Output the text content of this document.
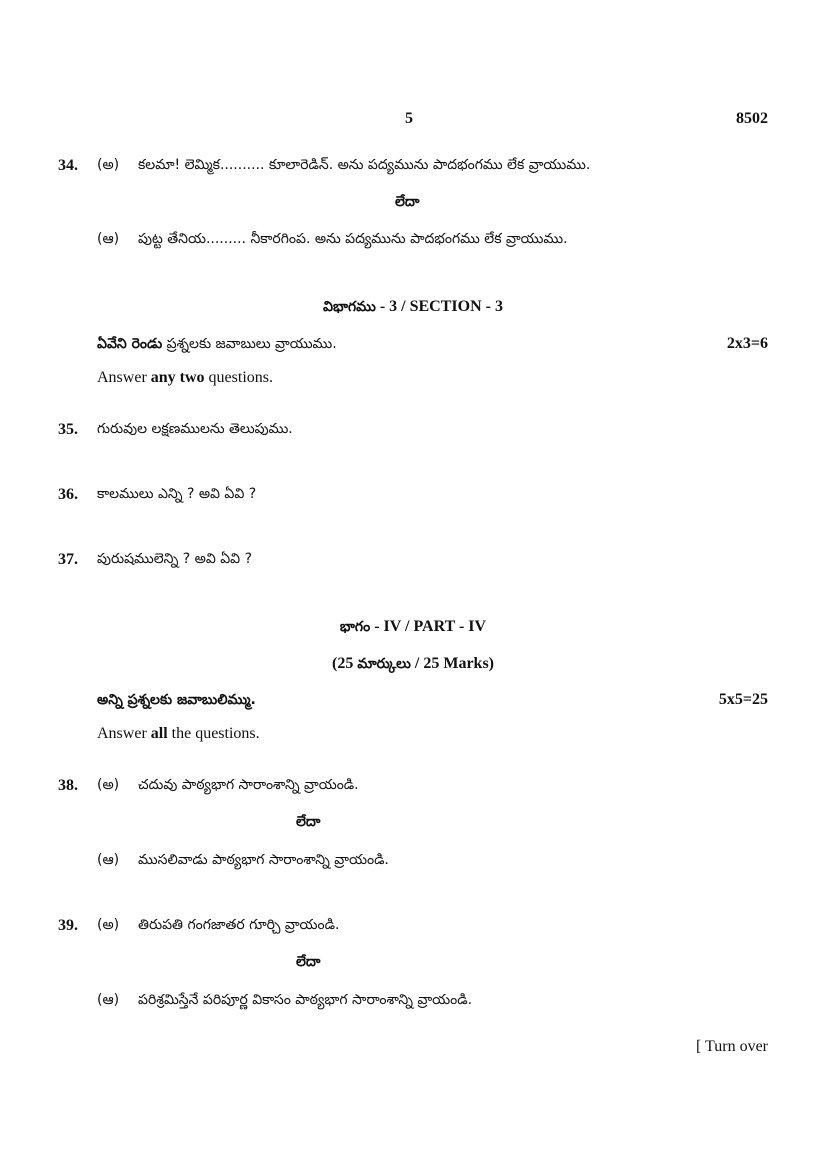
5	8502
34. (అ) కలమా! లెమ్మిక.......... కూలారెడిన్‌. అను పద్యమును పాదభంగము లేక వ్రాయుము.
లేదా
(ఆ) పుట్ట తేనియ......... నీకారగింప. అను పద్యమును పాదభంగము లేక వ్రాయుము.
విభాగము - 3 / SECTION - 3
ఏవేని రెండు ప్రశ్నలకు జవాబులు వ్రాయుము.	2x3=6
Answer any two questions.
35. గురువుల లక్షణములను తెలుపుము.
36. కాలములు ఎన్ని ? అవి ఏవి ?
37. పురుషములెన్ని ? అవి ఏవి ?
భాగం - IV / PART - IV
(25 మార్కులు / 25 Marks)
అన్ని ప్రశ్నలకు జవాబులిమ్ము.	5x5=25
Answer all the questions.
38. (అ) చదువు పాఠ్యభాగ సారాంశాన్ని వ్రాయండి.
లేదా
(ఆ) ముసలివాడు పాఠ్యభాగ సారాంశాన్ని వ్రాయండి.
39. (అ) తిరుపతి గంగజాతర గూర్చి వ్రాయండి.
లేదా
(ఆ) పరిశ్రమిస్తేనే పరిపూర్ణ వికాసం పాఠ్యభాగ సారాంశాన్ని వ్రాయండి.
[ Turn over
